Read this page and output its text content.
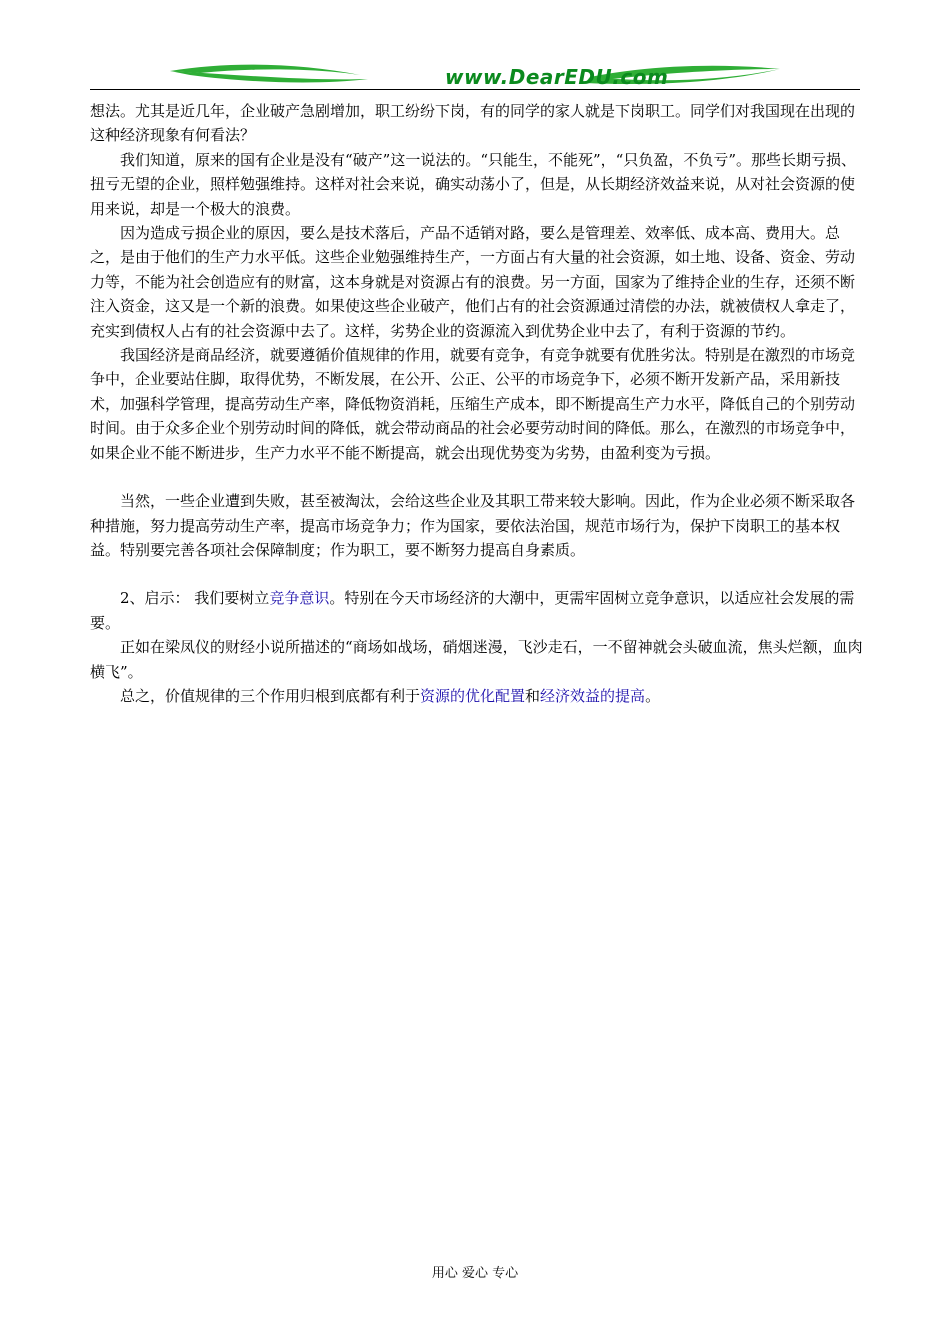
www.DearEDU.com

想法。尤其是近几年，企业破产急剧增加，职工纷纷下岗，有的同学的家人就是下岗职工。同学们对我国现在出现的这种经济现象有何看法？

我们知道，原来的国有企业是没有“破产”这一说法的。“只能生，不能死”，“只负盈，不负亏”。那些长期亏损、扭亏无望的企业，照样勉强维持。这样对社会来说，确实动荡小了，但是，从长期经济效益来说，从对社会资源的使用来说，却是一个极大的浪费。

因为造成亏损企业的原因，要么是技术落后，产品不适销对路，要么是管理差、效率低、成本高、费用大。总之，是由于他们的生产力水平低。这些企业勉强维持生产，一方面占有大量的社会资源，如土地、设备、资金、劳动力等，不能为社会创造应有的财富，这本身就是对资源占有的浪费。另一方面，国家为了维持企业的生存，还须不断注入资金，这又是一个新的浪费。如果使这些企业破产，他们占有的社会资源通过清偿的办法，就被债权人拿走了，充实到债权人占有的社会资源中去了。这样，劣势企业的资源流入到优势企业中去了，有利于资源的节约。

我国经济是商品经济，就要遵循价值规律的作用，就要有竞争，有竞争就要有优胜劣汰。特别是在激烈的市场竞争中，企业要站住脚，取得优势，不断发展，在公开、公正、公平的市场竞争下，必须不断开发新产品，采用新技术，加强科学管理，提高劳动生产率，降低物资消耗，压缩生产成本，即不断提高生产力水平，降低自己的个别劳动时间。由于众多企业个别劳动时间的降低，就会带动商品的社会必要劳动时间的降低。那么，在激烈的市场竞争中，如果企业不能不断进步，生产力水平不能不断提高，就会出现优势变为劣势，由盈利变为亏损。

当然，一些企业遭到失败，甚至被淘汰，会给这些企业及其职工带来较大影响。因此，作为企业必须不断采取各种措施，努力提高劳动生产率，提高市场竞争力；作为国家，要依法治国，规范市场行为，保护下岗职工的基本权益。特别要完善各项社会保障制度；作为职工，要不断努力提高自身素质。

2、启示： 我们要树立竞争意识。特别在今天市场经济的大潮中，更需牢固树立竞争意识，以适应社会发展的需要。

正如在梁凤仪的财经小说所描述的“商场如战场，硝烟迷漫，飞沙走石，一不留神就会头破血流，焦头烂额，血肉横飞”。

总之，价值规律的三个作用归根到底都有利于资源的优化配置和经济效益的提高。

用心 爱心 专心
